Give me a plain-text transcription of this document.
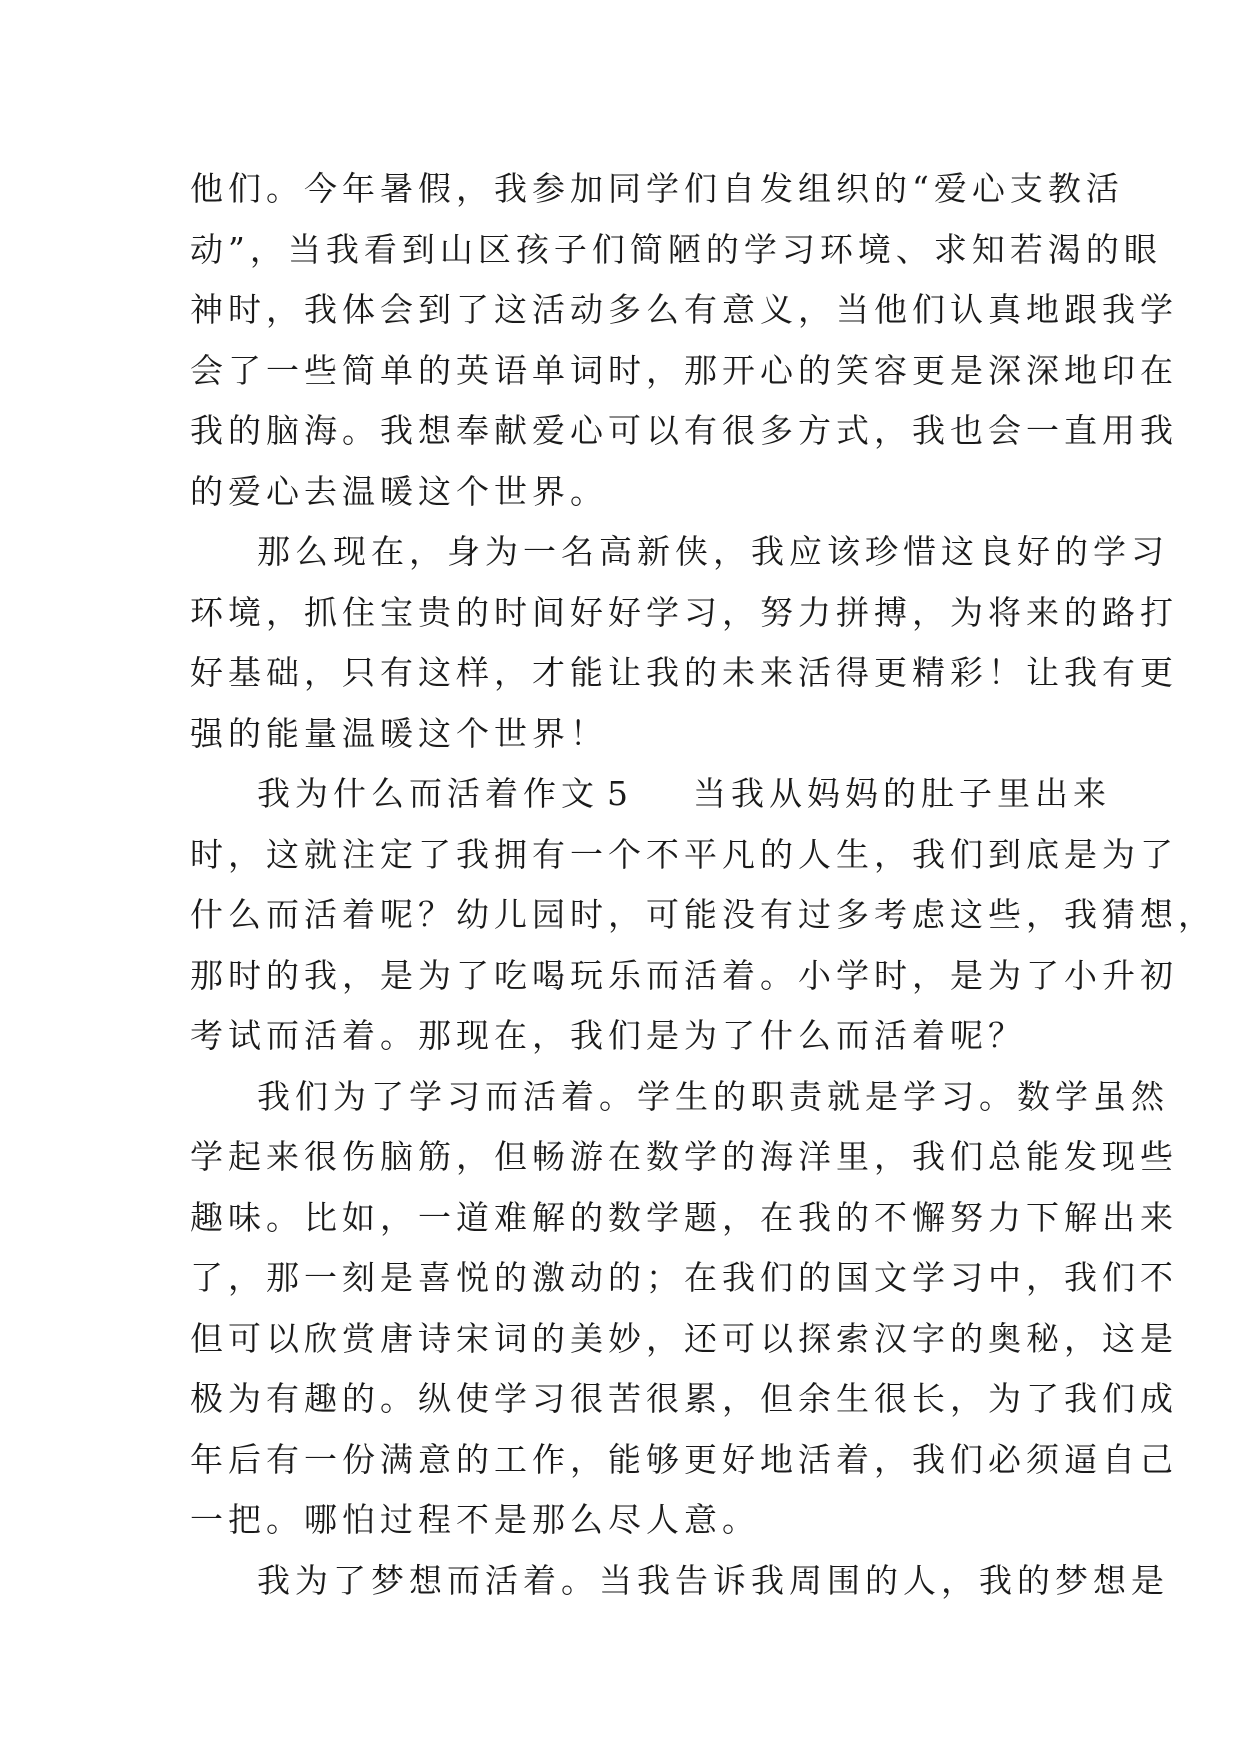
他们。今年暑假，我参加同学们自发组织的“爱心支教活
动”，当我看到山区孩子们简陋的学习环境、求知若渴的眼
神时，我体会到了这活动多么有意义，当他们认真地跟我学
会了一些简单的英语单词时，那开心的笑容更是深深地印在
我的脑海。我想奉献爱心可以有很多方式，我也会一直用我
的爱心去温暖这个世界。
那么现在，身为一名高新侠，我应该珍惜这良好的学习
环境，抓住宝贵的时间好好学习，努力拼搏，为将来的路打
好基础，只有这样，才能让我的未来活得更精彩！让我有更
强的能量温暖这个世界！
我为什么而活着作文 5 当我从妈妈的肚子里出来
时，这就注定了我拥有一个不平凡的人生，我们到底是为了
什么而活着呢？幼儿园时，可能没有过多考虑这些，我猜想，
那时的我，是为了吃喝玩乐而活着。小学时，是为了小升初
考试而活着。那现在，我们是为了什么而活着呢？
我们为了学习而活着。学生的职责就是学习。数学虽然
学起来很伤脑筋，但畅游在数学的海洋里，我们总能发现些
趣味。比如，一道难解的数学题，在我的不懈努力下解出来
了，那一刻是喜悦的激动的；在我们的国文学习中，我们不
但可以欣赏唐诗宋词的美妙，还可以探索汉字的奥秘，这是
极为有趣的。纵使学习很苦很累，但余生很长，为了我们成
年后有一份满意的工作，能够更好地活着，我们必须逼自己
一把。哪怕过程不是那么尽人意。
我为了梦想而活着。当我告诉我周围的人，我的梦想是
